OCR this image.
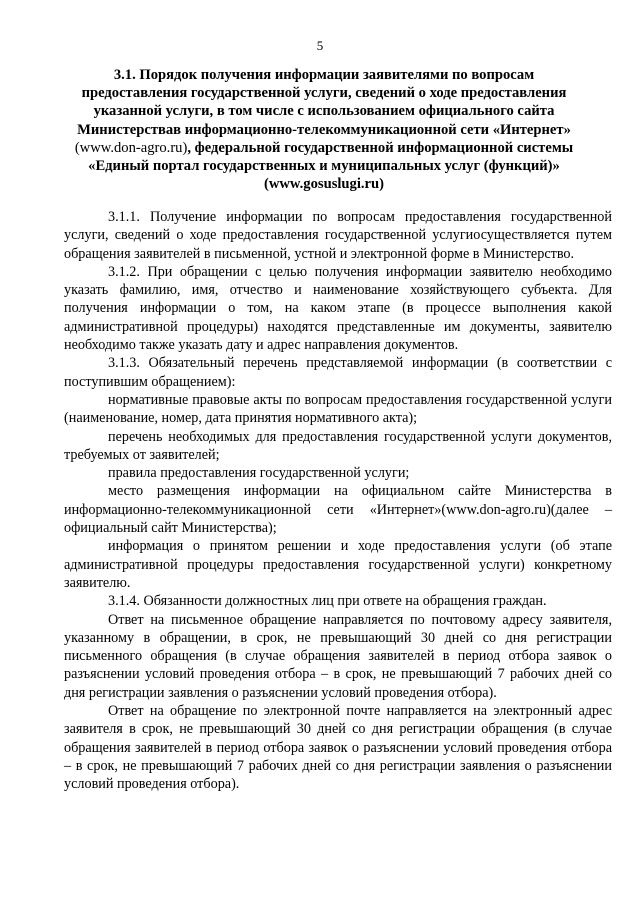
5
3.1. Порядок получения информации заявителями по вопросам предоставления государственной услуги, сведений о ходе предоставления указанной услуги, в том числе с использованием официального сайта Министерствав информационно-телекоммуникационной сети «Интернет» (www.don-agro.ru), федеральной государственной информационной системы «Единый портал государственных и муниципальных услуг (функций)» (www.gosuslugi.ru)

3.1.1. Получение информации по вопросам предоставления государственной услуги, сведений о ходе предоставления государственной услугиосуществляется путем обращения заявителей в письменной, устной и электронной форме в Министерство.

3.1.2. При обращении с целью получения информации заявителю необходимо указать фамилию, имя, отчество и наименование хозяйствующего субъекта. Для получения информации о том, на каком этапе (в процессе выполнения какой административной процедуры) находятся представленные им документы, заявителю необходимо также указать дату и адрес направления документов.

3.1.3. Обязательный перечень представляемой информации (в соответствии с поступившим обращением):

нормативные правовые акты по вопросам предоставления государственной услуги (наименование, номер, дата принятия нормативного акта);

перечень необходимых для предоставления государственной услуги документов, требуемых от заявителей;

правила предоставления государственной услуги;

место размещения информации на официальном сайте Министерства в информационно-телекоммуникационной сети «Интернет»(www.don-agro.ru)(далее – официальный сайт Министерства);

информация о принятом решении и ходе предоставления услуги (об этапе административной процедуры предоставления государственной услуги) конкретному заявителю.

3.1.4. Обязанности должностных лиц при ответе на обращения граждан.

Ответ на письменное обращение направляется по почтовому адресу заявителя, указанному в обращении, в срок, не превышающий 30 дней со дня регистрации письменного обращения (в случае обращения заявителей в период отбора заявок о разъяснении условий проведения отбора – в срок, не превышающий 7 рабочих дней со дня регистрации заявления о разъяснении условий проведения отбора).

Ответ на обращение по электронной почте направляется на электронный адрес заявителя в срок, не превышающий 30 дней со дня регистрации обращения (в случае обращения заявителей в период отбора заявок о разъяснении условий проведения отбора – в срок, не превышающий 7 рабочих дней со дня регистрации заявления о разъяснении условий проведения отбора).
